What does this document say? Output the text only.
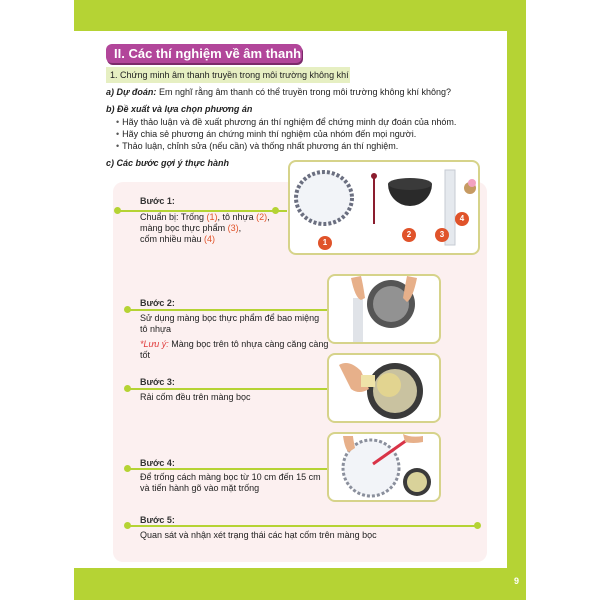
9
II. Các thí nghiệm về âm thanh
1. Chứng minh âm thanh truyền trong môi trường không khí
a) Dự đoán: Em nghĩ rằng âm thanh có thể truyền trong môi trường không khí không?
b) Đề xuất và lựa chọn phương án
• Hãy thảo luận và đề xuất phương án thí nghiệm để chứng minh dự đoán của nhóm.
• Hãy chia sẻ phương án chứng minh thí nghiệm của nhóm đến mọi người.
• Thảo luận, chỉnh sửa (nếu cần) và thống nhất phương án thí nghiệm.
c) Các bước gợi ý thực hành
Bước 1:
Chuẩn bị: Trống (1), tô nhựa (2),
màng bọc thực phẩm (3),
cốm nhiều màu (4)	1
2	3
4
Bước 2:
Sử dụng màng bọc thực phẩm để bao miệng tô nhựa
*Lưu ý: Màng bọc trên tô nhựa càng căng càng tốt
Bước 3:
Rải cốm đều trên màng bọc
Bước 4:
Để trống cách màng bọc từ 10 cm đến 15 cm và tiến hành gõ vào mặt trống
Bước 5:
Quan sát và nhận xét trạng thái các hạt cốm trên màng bọc
